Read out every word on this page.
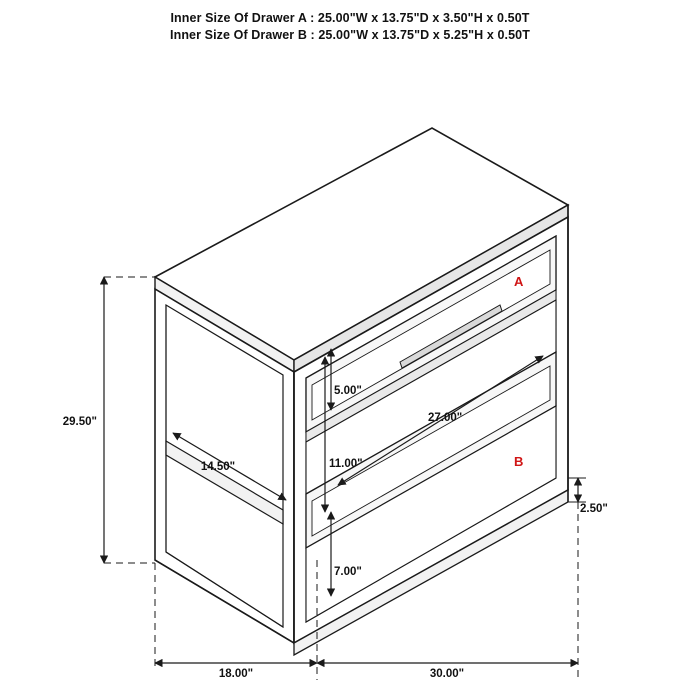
Inner Size Of Drawer A : 25.00"W x 13.75"D x 3.50"H x 0.50T
Inner Size Of Drawer B : 25.00"W x 13.75"D x 5.25"H x 0.50T
29.50"
14.50"
5.00"
11.00"
7.00"
27.00"
2.50"
18.00"	30.00"
A
B
